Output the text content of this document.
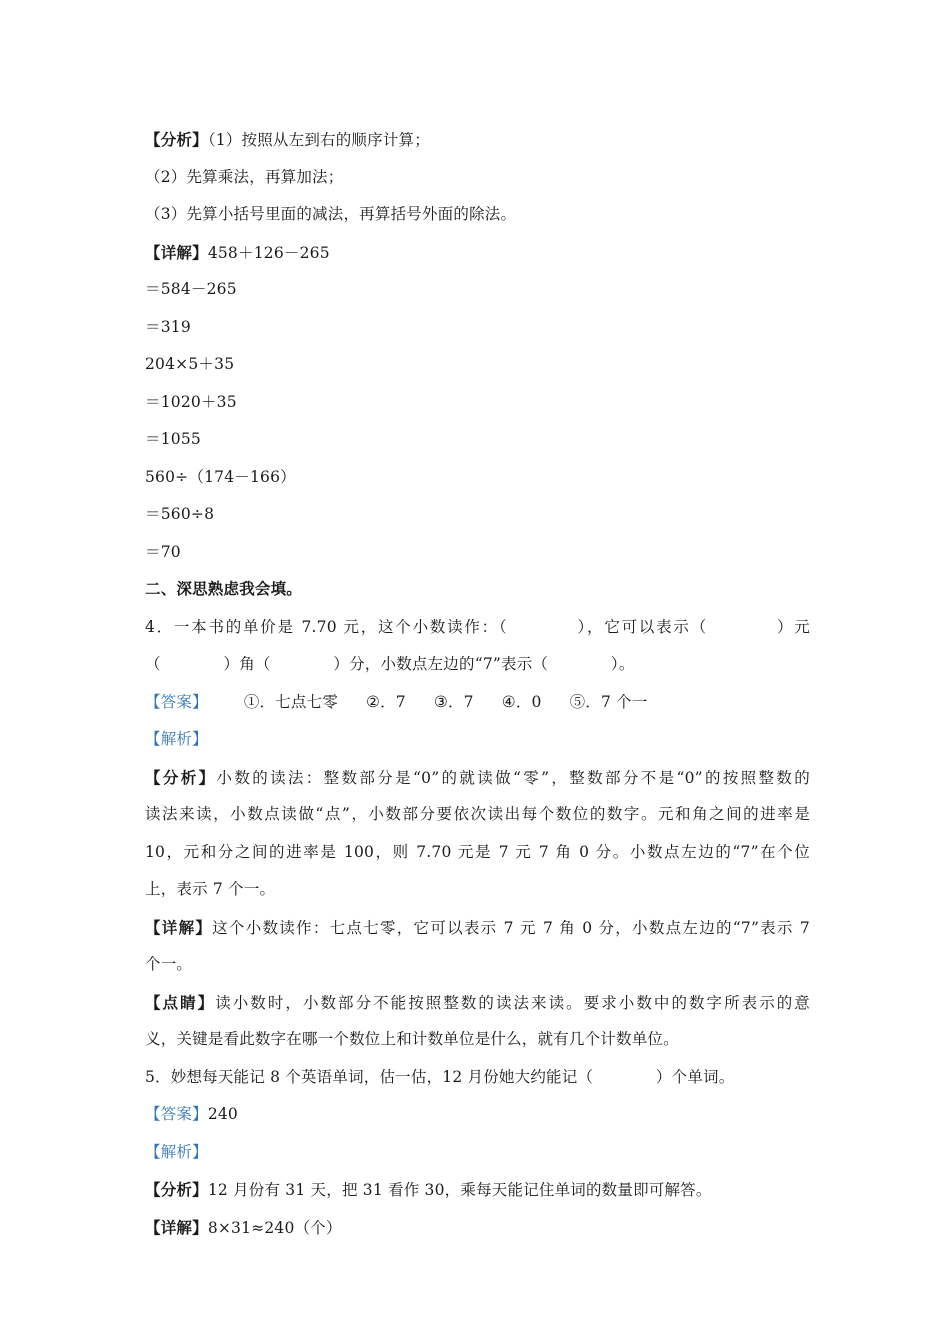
【分析】（1）按照从左到右的顺序计算；
（2）先算乘法，再算加法；
（3）先算小括号里面的减法，再算括号外面的除法。
【详解】458＋126－265
＝584－265
＝319
204×5＋35
＝1020＋35
＝1055
560÷（174－166）
＝560÷8
＝70
二、深思熟虑我会填。
4．一本书的单价是 7.70 元，这个小数读作：（　　　　），它可以表示（　　　　）元
（　　　　）角（　　　　）分，小数点左边的“7”表示（　　　　）。
【答案】 ①．七点七零 ②．7 ③．7 ④．0 ⑤．7 个一
【解析】
【分析】小数的读法：整数部分是“0”的就读做“零”，整数部分不是“0”的按照整数的
读法来读，小数点读做“点”，小数部分要依次读出每个数位的数字。元和角之间的进率是
10，元和分之间的进率是 100，则 7.70 元是 7 元 7 角 0 分。小数点左边的“7”在个位
上，表示 7 个一。
【详解】这个小数读作：七点七零，它可以表示 7 元 7 角 0 分，小数点左边的“7”表示 7
个一。
【点睛】读小数时，小数部分不能按照整数的读法来读。要求小数中的数字所表示的意
义，关键是看此数字在哪一个数位上和计数单位是什么，就有几个计数单位。
5．妙想每天能记 8 个英语单词，估一估，12 月份她大约能记（　　　　）个单词。
【答案】240
【解析】
【分析】12 月份有 31 天，把 31 看作 30，乘每天能记住单词的数量即可解答。
【详解】8×31≈240（个）
